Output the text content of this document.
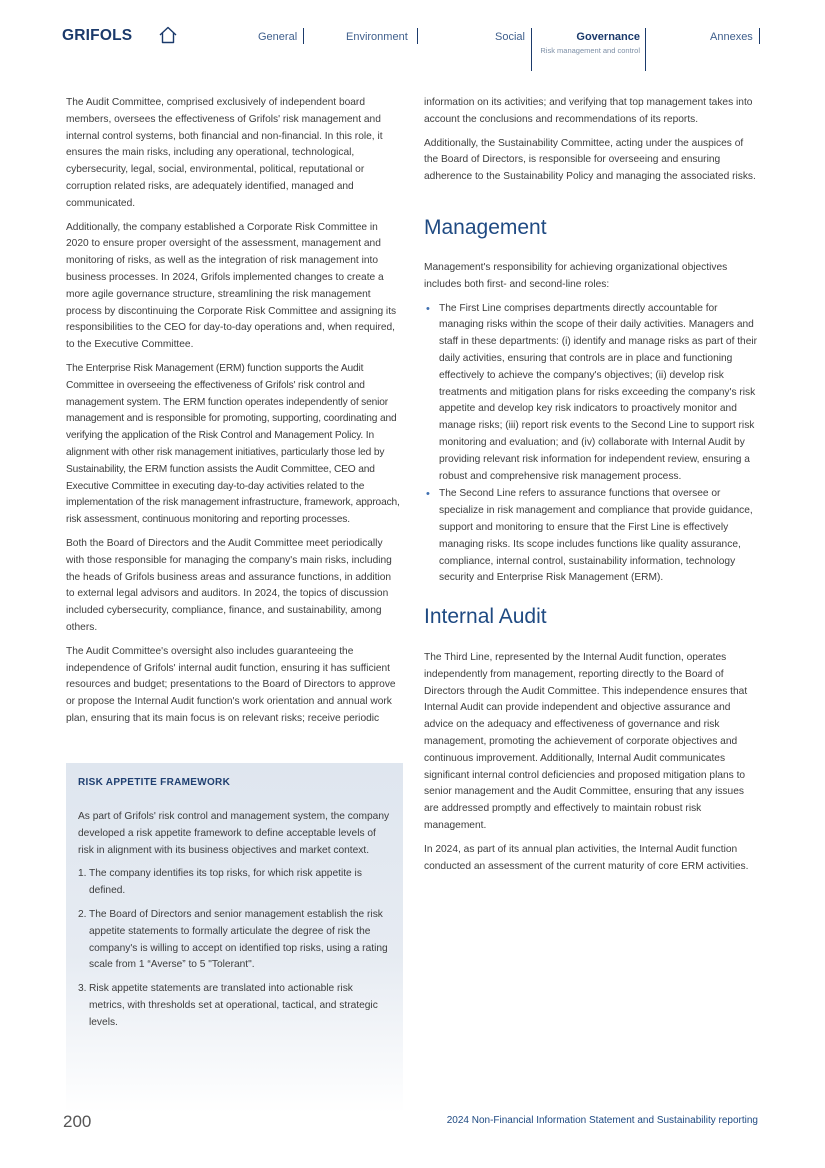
GRIFOLS	General	Environment	Social	Governance
Risk management and control
Annexes

The Audit Committee, comprised exclusively of independent board members, oversees the effectiveness of Grifols' risk management and internal control systems, both financial and non-financial. In this role, it ensures the main risks, including any operational, technological, cybersecurity, legal, social, environmental, political, reputational or corruption related risks, are adequately identified, managed and communicated.

Additionally, the company established a Corporate Risk Committee in 2020 to ensure proper oversight of the assessment, management and monitoring of risks, as well as the integration of risk management into business processes. In 2024, Grifols implemented changes to create a more agile governance structure, streamlining the risk management process by discontinuing the Corporate Risk Committee and assigning its responsibilities to the CEO for day-to-day operations and, when required, to the Executive Committee.

The Enterprise Risk Management (ERM) function supports the Audit Committee in overseeing the effectiveness of Grifols' risk control and management system. The ERM function operates independently of senior management and is responsible for promoting, supporting, coordinating and verifying the application of the Risk Control and Management Policy. In alignment with other risk management initiatives, particularly those led by Sustainability, the ERM function assists the Audit Committee, CEO and Executive Committee in executing day-to-day activities related to the implementation of the risk management infrastructure, framework, approach, risk assessment, continuous monitoring and reporting processes.

Both the Board of Directors and the Audit Committee meet periodically with those responsible for managing the company's main risks, including the heads of Grifols business areas and assurance functions, in addition to external legal advisors and auditors. In 2024, the topics of discussion included cybersecurity, compliance, finance, and sustainability, among others.

The Audit Committee's oversight also includes guaranteeing the independence of Grifols' internal audit function, ensuring it has sufficient resources and budget; presentations to the Board of Directors to approve or propose the Internal Audit function's work orientation and annual work plan, ensuring that its main focus is on relevant risks; receive periodic

information on its activities; and verifying that top management takes into account the conclusions and recommendations of its reports.

Additionally, the Sustainability Committee, acting under the auspices of the Board of Directors, is responsible for overseeing and ensuring adherence to the Sustainability Policy and managing the associated risks.

Management

Management's responsibility for achieving organizational objectives includes both first- and second-line roles:

• The First Line comprises departments directly accountable for managing risks within the scope of their daily activities. Managers and staff in these departments: (i) identify and manage risks as part of their daily activities, ensuring that controls are in place and functioning effectively to achieve the company's objectives; (ii) develop risk treatments and mitigation plans for risks exceeding the company's risk appetite and develop key risk indicators to proactively monitor and manage risks; (iii) report risk events to the Second Line to support risk monitoring and evaluation; and (iv) collaborate with Internal Audit by providing relevant risk information for independent review, ensuring a robust and comprehensive risk management process.
• The Second Line refers to assurance functions that oversee or specialize in risk management and compliance that provide guidance, support and monitoring to ensure that the First Line is effectively managing risks. Its scope includes functions like quality assurance, compliance, internal control, sustainability information, technology security and Enterprise Risk Management (ERM).
Internal Audit

The Third Line, represented by the Internal Audit function, operates independently from management, reporting directly to the Board of Directors through the Audit Committee. This independence ensures that Internal Audit can provide independent and objective assurance and advice on the adequacy and effectiveness of governance and risk management, promoting the achievement of corporate objectives and continuous improvement. Additionally, Internal Audit communicates significant internal control deficiencies and proposed mitigation plans to senior management and the Audit Committee, ensuring that any issues are addressed promptly and effectively to maintain robust risk management.

In 2024, as part of its annual plan activities, the Internal Audit function conducted an assessment of the current maturity of core ERM activities.

RISK APPETITE FRAMEWORK

As part of Grifols' risk control and management system, the company developed a risk appetite framework to define acceptable levels of risk in alignment with its business objectives and market context.

1. The company identifies its top risks, for which risk appetite is defined.
2. The Board of Directors and senior management establish the risk appetite statements to formally articulate the degree of risk the company's is willing to accept on identified top risks, using a rating scale from 1 “Averse” to 5 "Tolerant".
3. Risk appetite statements are translated into actionable risk metrics, with thresholds set at operational, tactical, and strategic levels.
200	2024 Non-Financial Information Statement and Sustainability reporting
